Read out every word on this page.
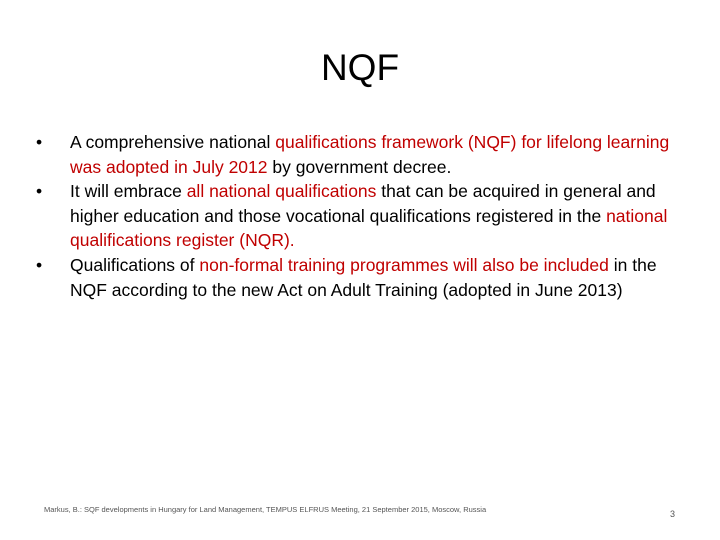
NQF
•	A comprehensive national qualifications framework (NQF) for lifelong learning was adopted in July 2012 by government decree.
•	It will embrace all national qualifications that can be acquired in general and higher education and those vocational qualifications registered in the national qualifications register (NQR).
•	Qualifications of non-formal training programmes will also be included in the NQF according to the new Act on Adult Training (adopted in June 2013)
Markus, B.: SQF developments in Hungary for Land Management, TEMPUS ELFRUS Meeting, 21 September 2015, Moscow, Russia	3
